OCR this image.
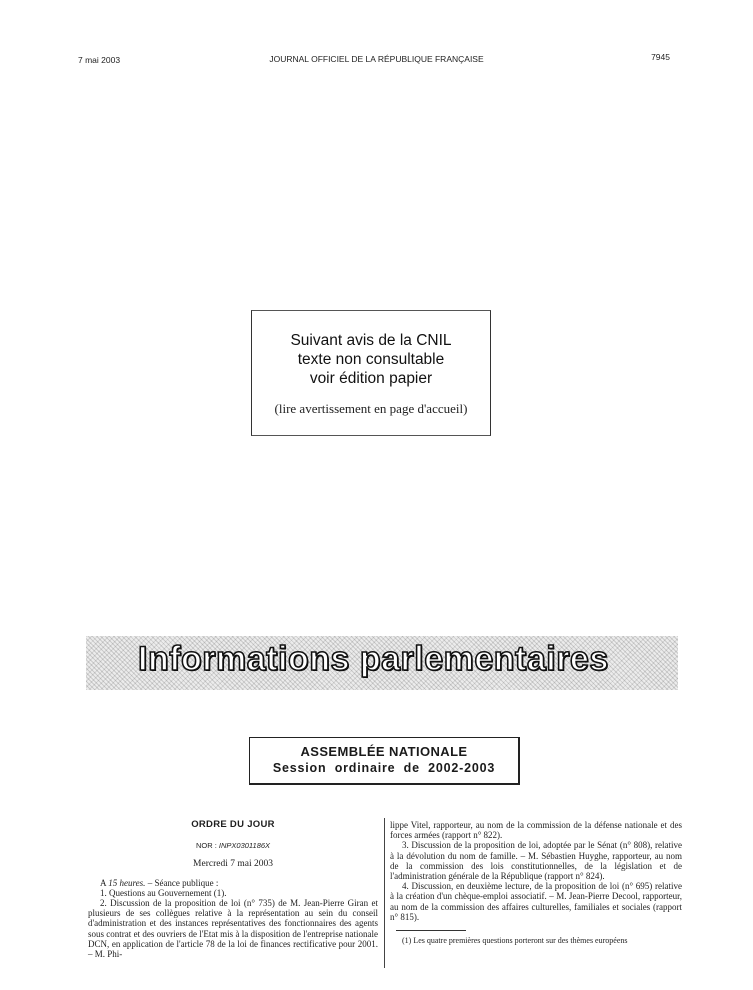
7 mai 2003	JOURNAL OFFICIEL DE LA RÉPUBLIQUE FRANÇAISE	7945
Suivant avis de la CNIL
texte non consultable
voir édition papier
(lire avertissement en page d'accueil)
Informations parlementaires
ASSEMBLÉE NATIONALE
Session ordinaire de 2002-2003
ORDRE DU JOUR
NOR : INPX0301186X
Mercredi 7 mai 2003

A 15 heures. – Séance publique :

1. Questions au Gouvernement (1).

2. Discussion de la proposition de loi (n° 735) de M. Jean-Pierre Giran et plusieurs de ses collègues relative à la représentation au sein du conseil d'administration et des instances représentatives des fonctionnaires des agents sous contrat et des ouvriers de l'Etat mis à la disposition de l'entreprise nationale DCN, en application de l'article 78 de la loi de finances rectificative pour 2001. – M. Phi-

lippe Vitel, rapporteur, au nom de la commission de la défense nationale et des forces armées (rapport n° 822).

3. Discussion de la proposition de loi, adoptée par le Sénat (n° 808), relative à la dévolution du nom de famille. – M. Sébastien Huyghe, rapporteur, au nom de la commission des lois constitutionnelles, de la législation et de l'administration générale de la République (rapport n° 824).

4. Discussion, en deuxième lecture, de la proposition de loi (n° 695) relative à la création d'un chèque-emploi associatif. – M. Jean-Pierre Decool, rapporteur, au nom de la commission des affaires culturelles, familiales et sociales (rapport n° 815).

(1) Les quatre premières questions porteront sur des thèmes européens
